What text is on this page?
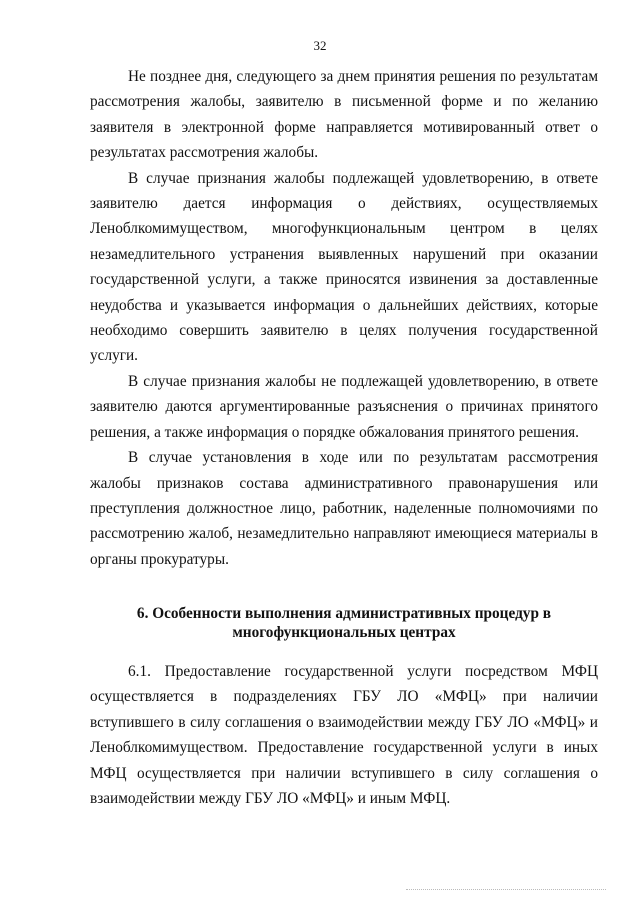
32

Не позднее дня, следующего за днем принятия решения по результатам рассмотрения жалобы, заявителю в письменной форме и по желанию заявителя в электронной форме направляется мотивированный ответ о результатах рассмотрения жалобы.

В случае признания жалобы подлежащей удовлетворению, в ответе заявителю дается информация о действиях, осуществляемых Леноблкомимуществом, многофункциональным центром в целях незамедлительного устранения выявленных нарушений при оказании государственной услуги, а также приносятся извинения за доставленные неудобства и указывается информация о дальнейших действиях, которые необходимо совершить заявителю в целях получения государственной услуги.

В случае признания жалобы не подлежащей удовлетворению, в ответе заявителю даются аргументированные разъяснения о причинах принятого решения, а также информация о порядке обжалования принятого решения.

В случае установления в ходе или по результатам рассмотрения жалобы признаков состава административного правонарушения или преступления должностное лицо, работник, наделенные полномочиями по рассмотрению жалоб, незамедлительно направляют имеющиеся материалы в органы прокуратуры.

6. Особенности выполнения административных процедур в
многофункциональных центрах

6.1. Предоставление государственной услуги посредством МФЦ осуществляется в подразделениях ГБУ ЛО «МФЦ» при наличии вступившего в силу соглашения о взаимодействии между ГБУ ЛО «МФЦ» и Леноблкомимуществом. Предоставление государственной услуги в иных МФЦ осуществляется при наличии вступившего в силу соглашения о взаимодействии между ГБУ ЛО «МФЦ» и иным МФЦ.
